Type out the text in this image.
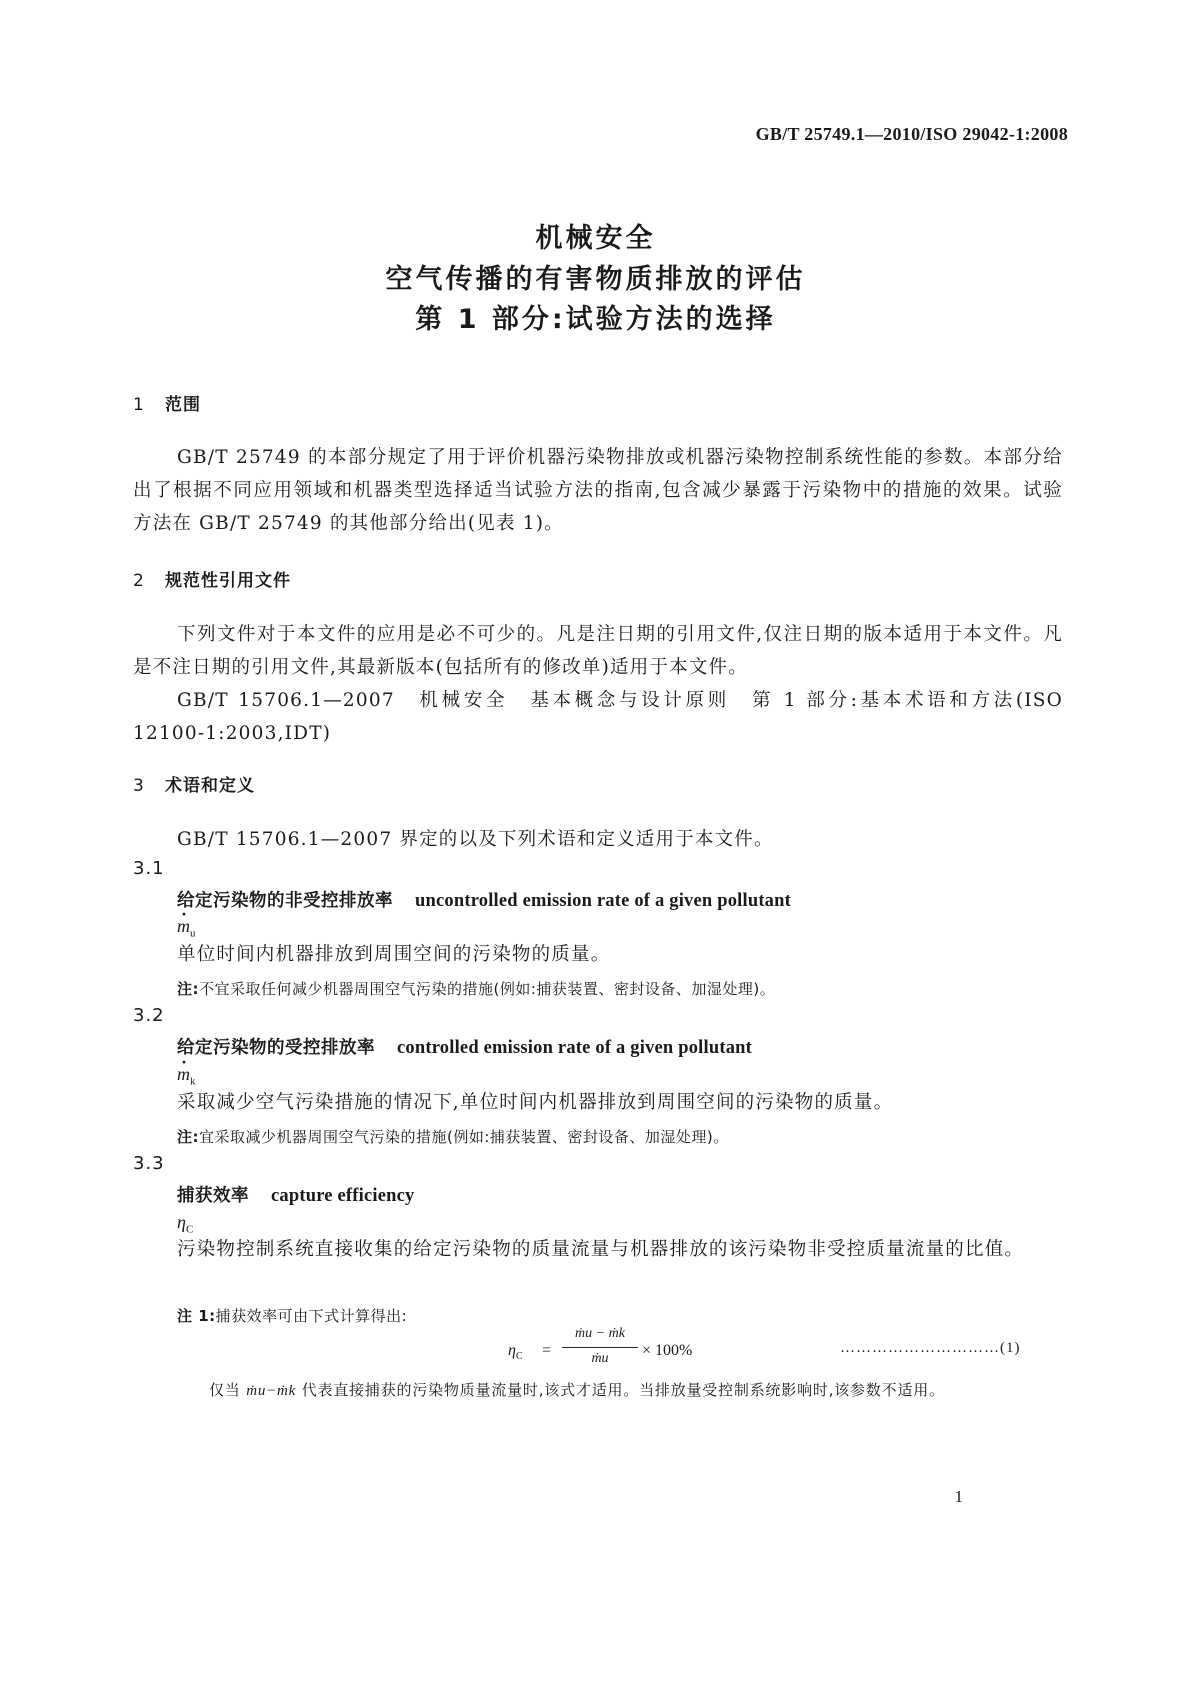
GB/T 25749.1—2010/ISO 29042-1:2008
机械安全
空气传播的有害物质排放的评估
第 1 部分:试验方法的选择
1 范围
GB/T 25749 的本部分规定了用于评价机器污染物排放或机器污染物控制系统性能的参数。本部分给出了根据不同应用领域和机器类型选择适当试验方法的指南,包含减少暴露于污染物中的措施的效果。试验方法在 GB/T 25749 的其他部分给出(见表 1)。
2 规范性引用文件
下列文件对于本文件的应用是必不可少的。凡是注日期的引用文件,仅注日期的版本适用于本文件。凡是不注日期的引用文件,其最新版本(包括所有的修改单)适用于本文件。
GB/T 15706.1—2007　机械安全　基本概念与设计原则　第 1 部分:基本术语和方法(ISO 12100-1:2003,IDT)
3 术语和定义
GB/T 15706.1—2007 界定的以及下列术语和定义适用于本文件。
3.1
给定污染物的非受控排放率 uncontrolled emission rate of a given pollutant
· $m_u$
单位时间内机器排放到周围空间的污染物的质量。
注:不宜采取任何减少机器周围空气污染的措施(例如:捕获装置、密封设备、加湿处理)。
3.2
给定污染物的受控排放率 controlled emission rate of a given pollutant
· $m_k$
采取减少空气污染措施的情况下,单位时间内机器排放到周围空间的污染物的质量。
注:宜采取减少机器周围空气污染的措施(例如:捕获装置、密封设备、加湿处理)。
3.3
捕获效率 capture efficiency
$\eta_C$
污染物控制系统直接收集的给定污染物的质量流量与机器排放的该污染物非受控质量流量的比值。
注 1:捕获效率可由下式计算得出:
$\eta_C$ =
ṁu − ṁk
ṁu	× 100%	…………………………(1)
仅当 ṁu−ṁk 代表直接捕获的污染物质量流量时,该式才适用。当排放量受控制系统影响时,该参数不适用。
1
